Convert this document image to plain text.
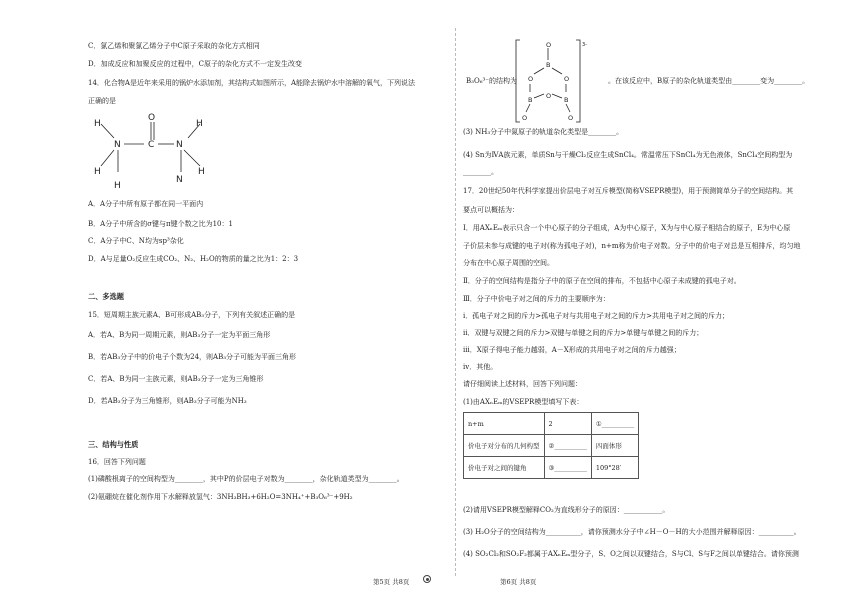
C．氯乙烯和聚氯乙烯分子中C原子采取的杂化方式相同
D．加成反应和加聚反应的过程中，C原子的杂化方式不一定发生改变
14．化合物A是近年来采用的锅炉水添加剂，其结构式如图所示，A能除去锅炉水中溶解的氧气，下列说法
正确的是
H
N
H
O
C N
H
H
N
H
A．A分子中所有原子都在同一平面内
B．A分子中所含的σ键与π键个数之比为10：1
C．A分子中C、N均为sp³杂化
D．A与足量O₂反应生成CO₂、N₂、H₂O的物质的量之比为1：2：3
二、多选题
15．短周期主族元素A、B可形成AB₃分子，下列有关叙述正确的是
A．若A、B为同一周期元素，则AB₃分子一定为平面三角形
B．若AB₃分子中的价电子个数为24，则AB₃分子可能为平面三角形
C．若A、B为同一主族元素，则AB₃分子一定为三角锥形
D．若AB₃分子为三角锥形，则AB₃分子可能为NH₃
三、结构与性质
16．回答下列问题
(1)磷酸根离子的空间构型为________，其中P的价层电子对数为________，杂化轨道类型为________。
(2)氨硼烷在催化剂作用下水解释放氢气：3NH₃BH₃+6H₂O=3NH₄⁺+B₃O₆³⁻+9H₂
B₃O₆³⁻的结构为
O
B
O	O
B	B
O
O	O
3-
。在该反应中，B原子的杂化轨道类型由________变为________。
(3) NH₃分子中氮原子的轨道杂化类型是________。
(4) Sn为ⅣA族元素，单质Sn与干燥Cl₂反应生成SnCl₄。常温常压下SnCl₄为无色液体，SnCl₄空间构型为
________。
17．20世纪50年代科学家提出价层电子对互斥模型(简称VSEPR模型)，用于预测简单分子的空间结构。其
要点可以概括为：
Ⅰ．用AXₙEₘ表示只含一个中心原子的分子组成，A为中心原子，X为与中心原子相结合的原子，E为中心原
子价层未参与成键的电子对(称为孤电子对)，n+m称为价电子对数。分子中的价电子对总是互相排斥，均匀地
分布在中心原子周围的空间。
Ⅱ．分子的空间结构是指分子中的原子在空间的排布，不包括中心原子未成键的孤电子对。
Ⅲ．分子中价电子对之间的斥力的主要顺序为：
i．孤电子对之间的斥力>孤电子对与共用电子对之间的斥力>共用电子对之间的斥力；
ii．双键与双键之间的斥力>双键与单键之间的斥力>单键与单键之间的斥力；
iii．X原子得电子能力越弱，A－X形成的共用电子对之间的斥力越强；
iv．其他。
请仔细阅读上述材料，回答下列问题：
(1)由AXₙEₘ的VSEPR模型填写下表：
n+m	2	①__________
价电子对分布的几何构型	②__________	四面体形
价电子对之间的键角	③__________	109°28′
(2)请用VSEPR模型解释CO₂为直线形分子的原因：___________。
(3) H₂O分子的空间结构为__________，请你预测水分子中∠H－O－H的大小范围并解释原因：__________。
(4) SO₂Cl₂和SO₂F₂都属于AXₙEₘ型分子，S、O之间以双键结合，S与Cl、S与F之间以单键结合。请你预测
第5页 共8页	第6页 共8页
